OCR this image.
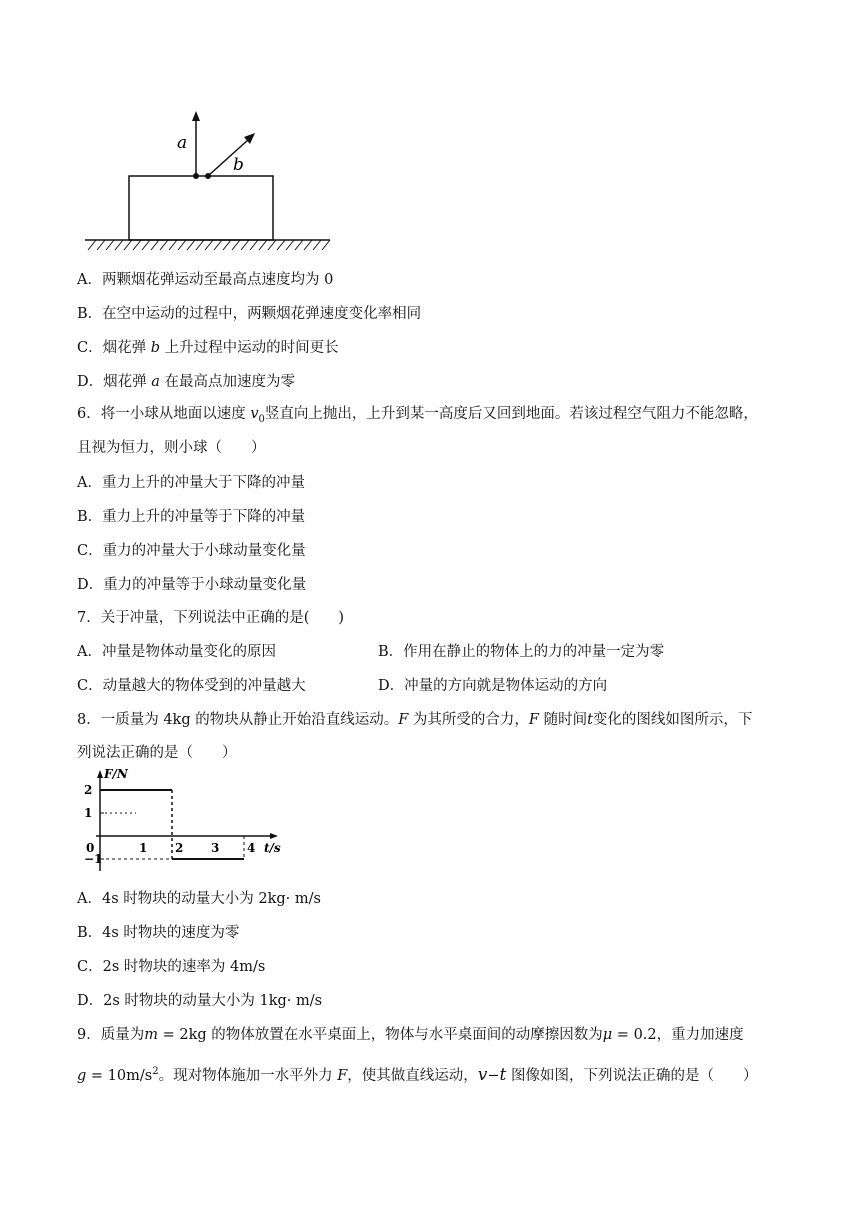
a
b
A．两颗烟花弹运动至最高点速度均为 0
B．在空中运动的过程中，两颗烟花弹速度变化率相同
C．烟花弹 b 上升过程中运动的时间更长
D．烟花弹 a 在最高点加速度为零
6．将一小球从地面以速度 $v_0$竖直向上抛出，上升到某一高度后又回到地面。若该过程空气阻力不能忽略，
且视为恒力，则小球（　　）
A．重力上升的冲量大于下降的冲量
B．重力上升的冲量等于下降的冲量
C．重力的冲量大于小球动量变化量
D．重力的冲量等于小球动量变化量
7．关于冲量，下列说法中正确的是(　　)
A．冲量是物体动量变化的原因	B．作用在静止的物体上的力的冲量一定为零
C．动量越大的物体受到的冲量越大	D．冲量的方向就是物体运动的方向
8．一质量为 4kg 的物块从静止开始沿直线运动。F 为其所受的合力，F 随时间t变化的图线如图所示，下
列说法正确的是（　　）
F/N
t/s
0	1 2 3 4
2
1
−1
A．4s 时物块的动量大小为 2kg· m/s
B．4s 时物块的速度为零
C．2s 时物块的速率为 4m/s
D．2s 时物块的动量大小为 1kg· m/s
9．质量为m = 2kg 的物体放置在水平桌面上，物体与水平桌面间的动摩擦因数为μ = 0.2，重力加速度
$g = 10m/s^2$。现对物体施加一水平外力 F，使其做直线运动，v−t 图像如图，下列说法正确的是（　　）
